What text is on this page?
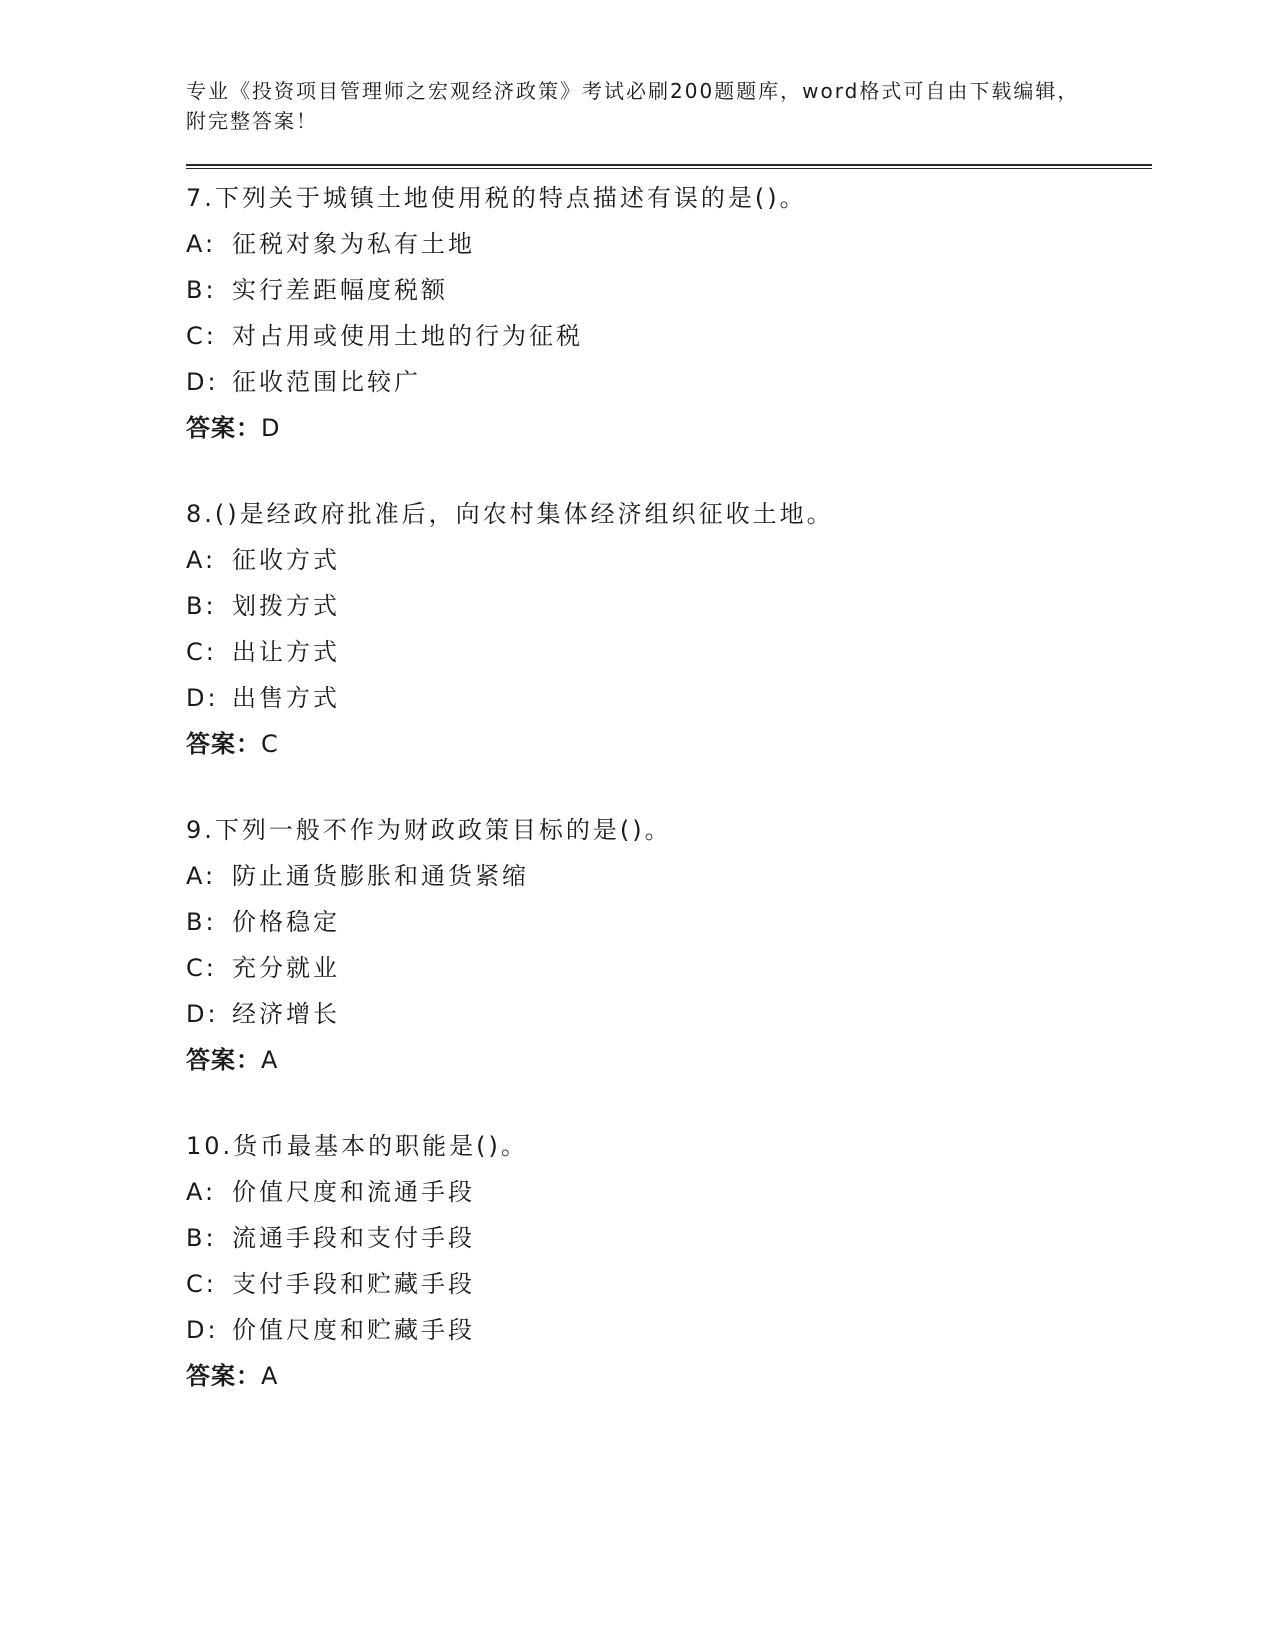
专业《投资项目管理师之宏观经济政策》考试必刷200题题库，word格式可自由下载编辑，附完整答案！

7.下列关于城镇土地使用税的特点描述有误的是()。
A: 征税对象为私有土地
B: 实行差距幅度税额
C: 对占用或使用土地的行为征税
D: 征收范围比较广
答案：D
8.()是经政府批准后，向农村集体经济组织征收土地。
A: 征收方式
B: 划拨方式
C: 出让方式
D: 出售方式
答案：C
9.下列一般不作为财政政策目标的是()。
A: 防止通货膨胀和通货紧缩
B: 价格稳定
C: 充分就业
D: 经济增长
答案：A
10.货币最基本的职能是()。
A: 价值尺度和流通手段
B: 流通手段和支付手段
C: 支付手段和贮藏手段
D: 价值尺度和贮藏手段
答案：A
